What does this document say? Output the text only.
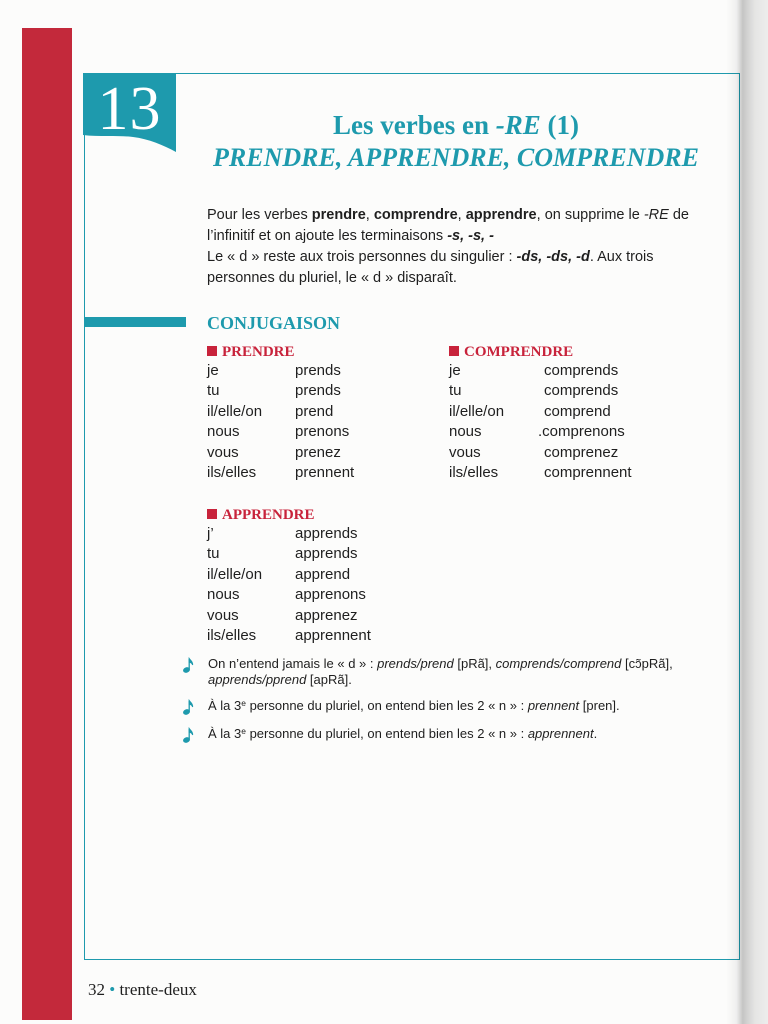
13	Les verbes en -RE (1)
PRENDRE, APPRENDRE, COMPRENDRE
Pour les verbes prendre, comprendre, apprendre, on supprime le -RE de
l’infinitif et on ajoute les terminaisons -s, -s, -
Le « d » reste aux trois personnes du singulier : -ds, -ds, -d. Aux trois
personnes du pluriel, le « d » disparaît.
CONJUGAISON
PRENDRE
je	prends
tu	prends
il/elle/on prend
nous	prenons
vous	prenez
ils/elles	prennent
COMPRENDRE
je	comprends
tu	comprends
il/elle/on	comprend
nous	.comprenons
vous	comprenez
ils/elles	comprennent
APPRENDRE
j’	apprends
tu	apprends
il/elle/on apprend
nous	apprenons
vous	apprenez
ils/elles	apprennent
On n’entend jamais le « d » : prends/prend [pRã], comprends/comprend [cɔ̃pRã],
apprends/pprend [apRã].
À la 3e personne du pluriel, on entend bien les 2 « n » : prennent [pren].
À la 3e personne du pluriel, on entend bien les 2 « n » : apprennent.
32 • trente-deux
